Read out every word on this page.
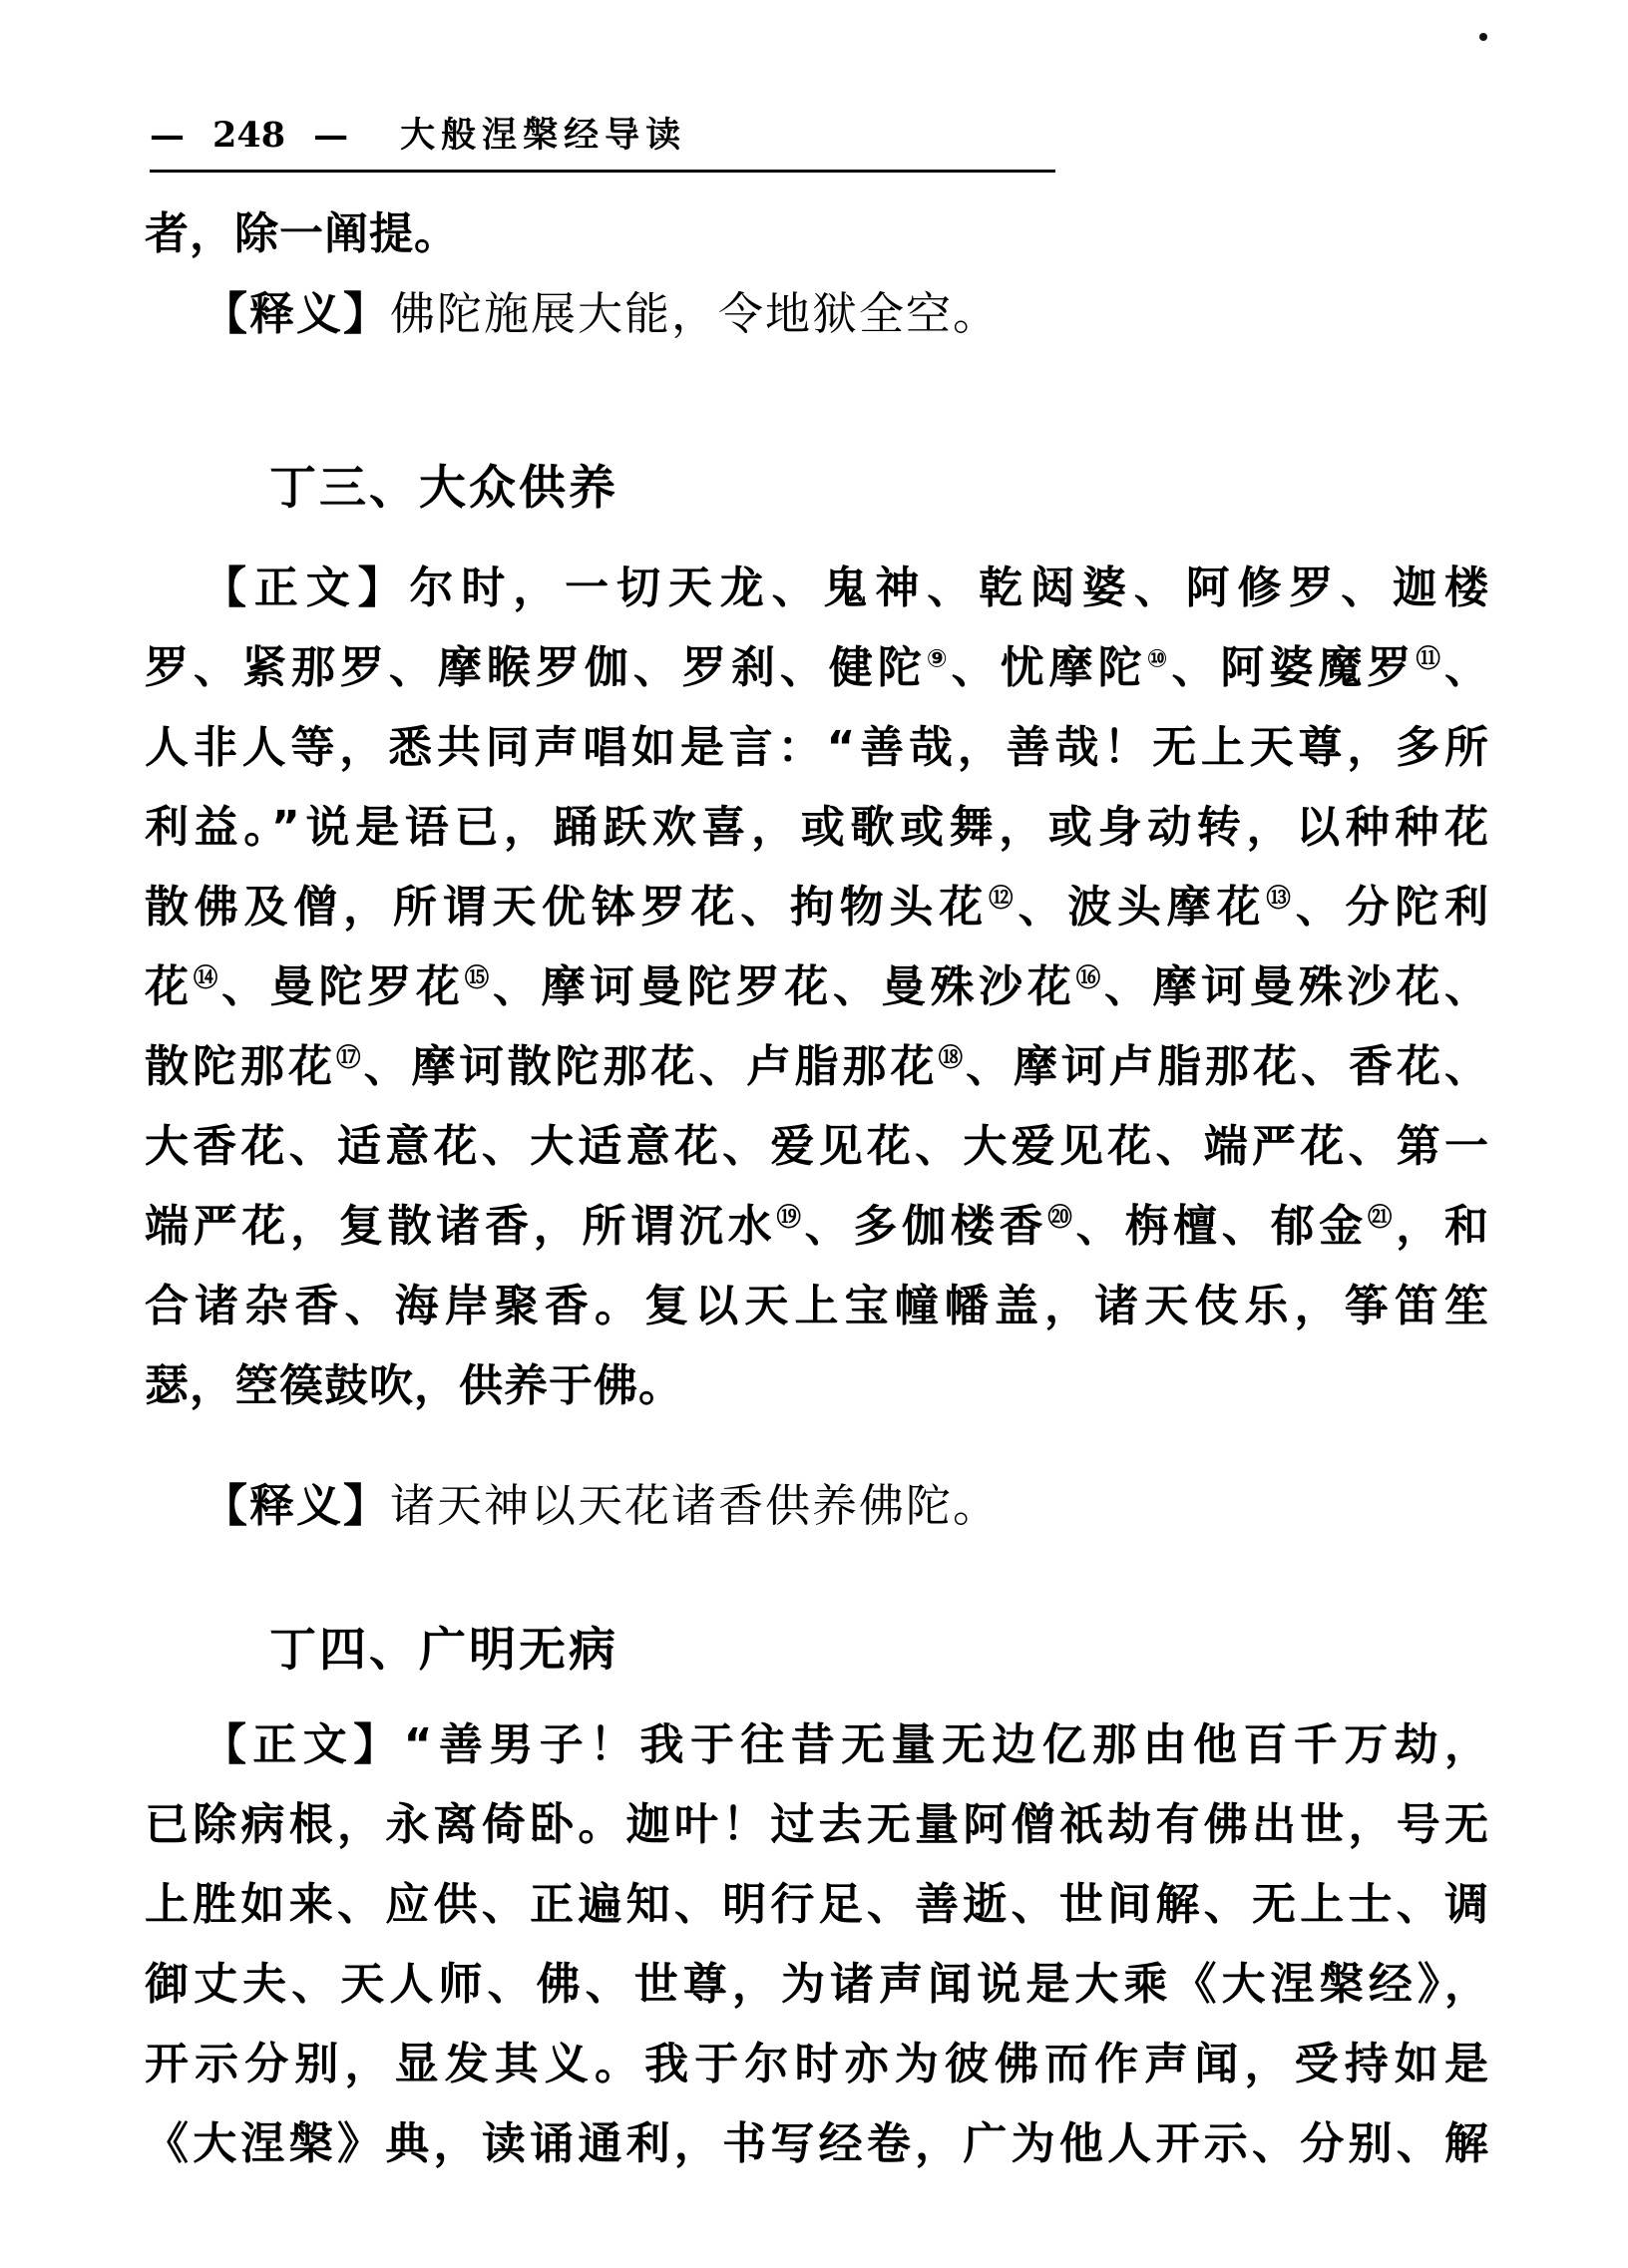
— 248 — 大般涅槃经导读
者，除一阐提。
【释义】佛陀施展大能，令地狱全空。
丁三、大众供养
【正文】尔时，一切天龙、鬼神、乾闼婆、阿修罗、迦楼
罗、紧那罗、摩睺罗伽、罗刹、健陀⑨、忧摩陀⑩、阿婆魔罗⑪、
人非人等，悉共同声唱如是言：“善哉，善哉！无上天尊，多所
利益。”说是语已，踊跃欢喜，或歌或舞，或身动转，以种种花
散佛及僧，所谓天优钵罗花、拘物头花⑫、波头摩花⑬、分陀利
花⑭、曼陀罗花⑮、摩诃曼陀罗花、曼殊沙花⑯、摩诃曼殊沙花、
散陀那花⑰、摩诃散陀那花、卢脂那花⑱、摩诃卢脂那花、香花、
大香花、适意花、大适意花、爱见花、大爱见花、端严花、第一
端严花，复散诸香，所谓沉水⑲、多伽楼香⑳、栴檀、郁金$^㉑$，和
合诸杂香、海岸聚香。复以天上宝幢幡盖，诸天伎乐，筝笛笙
瑟，箜篌鼓吹，供养于佛。
【释义】诸天神以天花诸香供养佛陀。
丁四、广明无病
【正文】“善男子！我于往昔无量无边亿那由他百千万劫，
已除病根，永离倚卧。迦叶！过去无量阿僧祇劫有佛出世，号无
上胜如来、应供、正遍知、明行足、善逝、世间解、无上士、调
御丈夫、天人师、佛、世尊，为诸声闻说是大乘《大涅槃经》，
开示分别，显发其义。我于尔时亦为彼佛而作声闻，受持如是
《大涅槃》典，读诵通利，书写经卷，广为他人开示、分别、解
